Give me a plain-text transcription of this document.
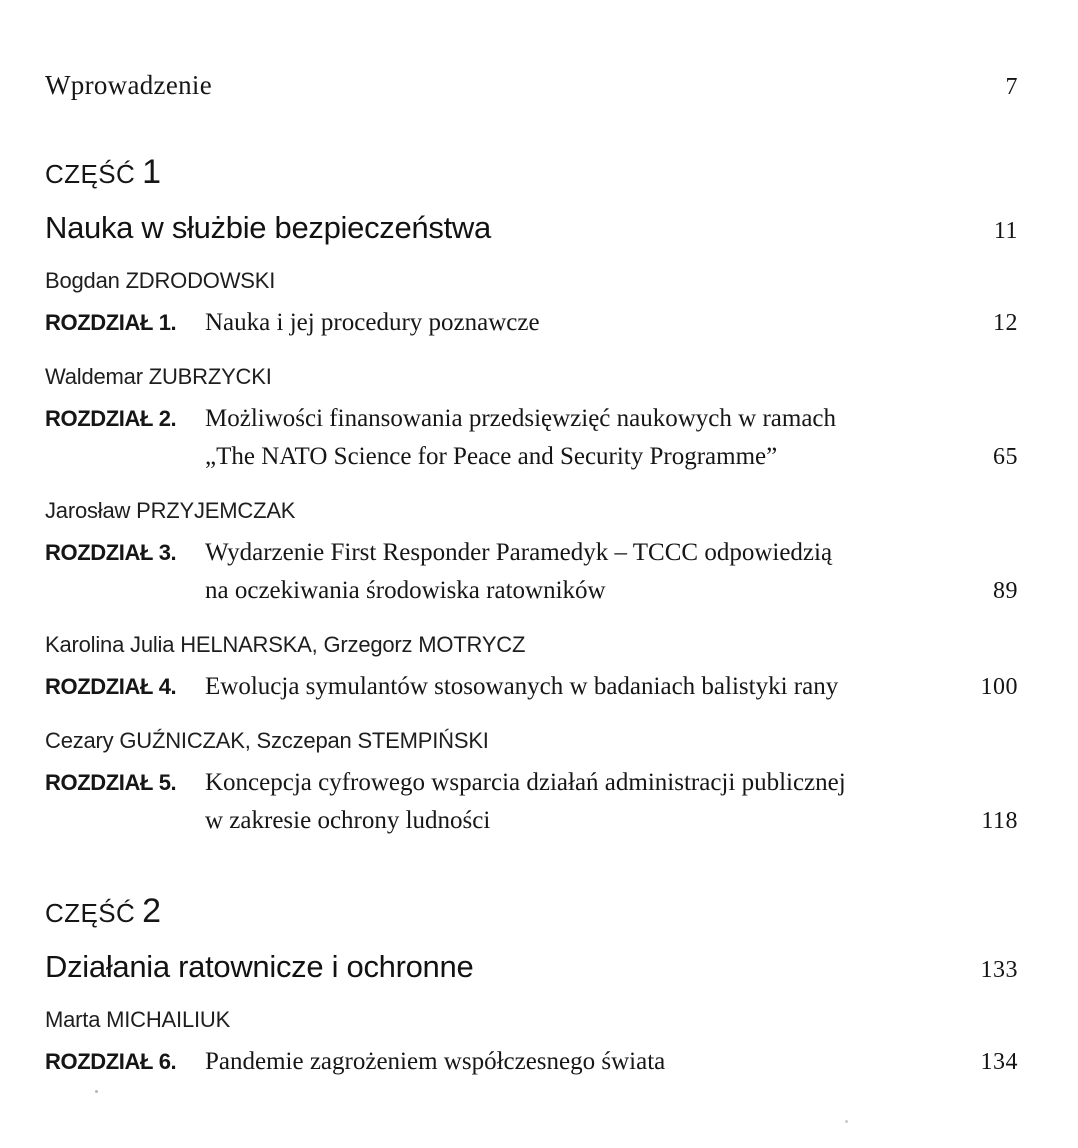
Wprowadzenie	7
CZĘŚĆ 1
Nauka w służbie bezpieczeństwa	11
Bogdan ZDRODOWSKI
ROZDZIAŁ 1.	Nauka i jej procedury poznawcze	12
Waldemar ZUBRZYCKI
ROZDZIAŁ 2.	Możliwości finansowania przedsięwzięć naukowych w ramach
„The NATO Science for Peace and Security Programme”	65
Jarosław PRZYJEMCZAK
ROZDZIAŁ 3.	Wydarzenie First Responder Paramedyk – TCCC odpowiedzią
na oczekiwania środowiska ratowników	89
Karolina Julia HELNARSKA, Grzegorz MOTRYCZ
ROZDZIAŁ 4.	Ewolucja symulantów stosowanych w badaniach balistyki rany	100
Cezary GUŹNICZAK, Szczepan STEMPIŃSKI
ROZDZIAŁ 5.	Koncepcja cyfrowego wsparcia działań administracji publicznej
w zakresie ochrony ludności	118
CZĘŚĆ 2
Działania ratownicze i ochronne	133
Marta MICHAILIUK
ROZDZIAŁ 6.	Pandemie zagrożeniem współczesnego świata	134
